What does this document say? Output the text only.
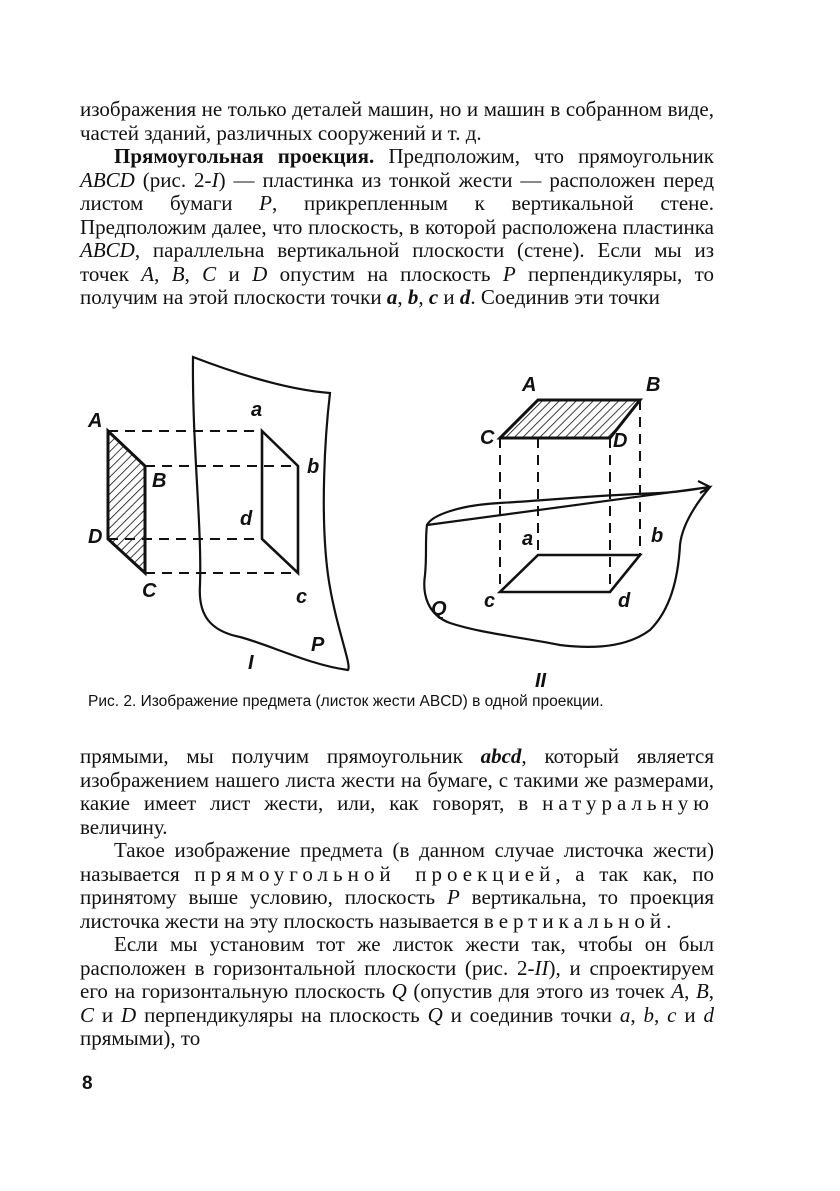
изображения не только деталей машин, но и машин в собранном виде, частей зданий, различных сооружений и т. д.

Прямоугольная проекция. Предположим, что прямоугольник ABCD (рис. 2-I) — пластинка из тонкой жести — расположен перед листом бумаги P, прикрепленным к вертикальной стене. Предположим далее, что плоскость, в которой расположена пластинка ABCD, параллельна вертикальной плоскости (стене). Если мы из точек A, B, C и D опустим на плоскость P перпендикуляры, то получим на этой плоскости точки a, b, c и d. Соединив эти точки

A
B
C
D
a
b
c
d
P
I
A	B
C	D
a	b
c	d
Q
II
Рис. 2. Изображение предмета (листок жести ABCD) в одной проекции.

прямыми, мы получим прямоугольник abcd, который является изображением нашего листа жести на бумаге, с такими же размерами, какие имеет лист жести, или, как говорят, в натуральную величину.

Такое изображение предмета (в данном случае листочка жести) называется прямоугольной проекцией, а так как, по принятому выше условию, плоскость P вертикальна, то проекция листочка жести на эту плоскость называется вертикальной.

Если мы установим тот же листок жести так, чтобы он был расположен в горизонтальной плоскости (рис. 2-II), и спроектируем его на горизонтальную плоскость Q (опустив для этого из точек A, B, C и D перпендикуляры на плоскость Q и соединив точки a, b, c и d прямыми), то

8
